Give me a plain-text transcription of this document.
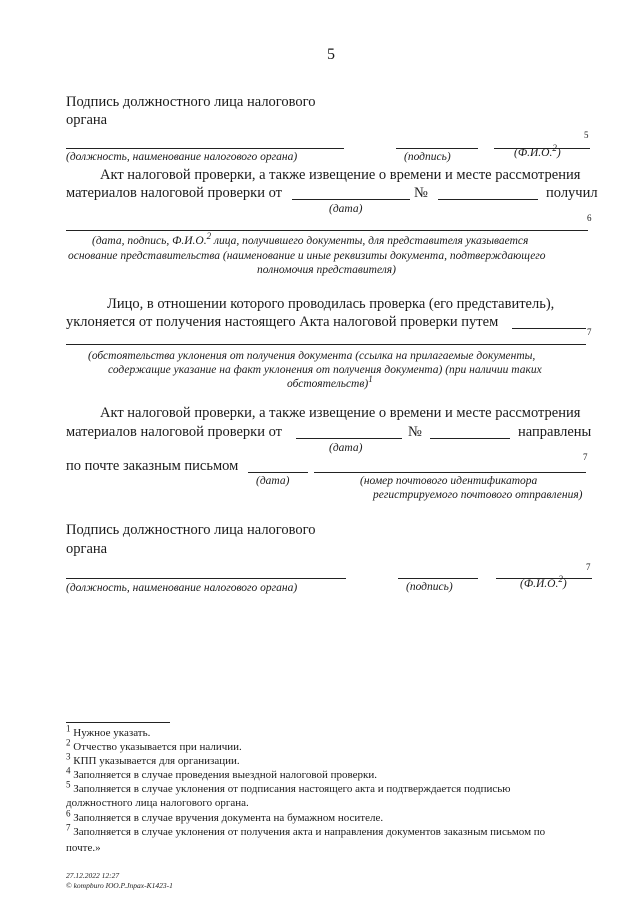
5
Подпись должностного лица налогового
органа
5
(должность, наименование налогового органа)	(подпись)	(Ф.И.О.$^2$)
Акт налоговой проверки, а также извещение о времени и месте рассмотрения
материалов налоговой проверки от	№	получил
(дата)
6
(дата, подпись, Ф.И.О.$^2$ лица, получившего документы, для представителя указывается
основание представительства (наименование и иные реквизиты документа, подтверждающего
полномочия представителя)
Лицо, в отношении которого проводилась проверка (его представитель),
уклоняется от получения настоящего Акта налоговой проверки путем
7
(обстоятельства уклонения от получения документа (ссылка на прилагаемые документы,
содержащие указание на факт уклонения от получения документа) (при наличии таких
обстоятельств)$^1$
Акт налоговой проверки, а также извещение о времени и месте рассмотрения
материалов налоговой проверки от	№	направлены
(дата)
по почте заказным письмом
7
(дата)	(номер почтового идентификатора
регистрируемого почтового отправления)
Подпись должностного лица налогового
органа
7
(должность, наименование налогового органа)	(подпись)	(Ф.И.О.$^2$)
$^1$ Нужное указать.
$^2$ Отчество указывается при наличии.
$^3$ КПП указывается для организации.
$^4$ Заполняется в случае проведения выездной налоговой проверки.
$^5$ Заполняется в случае уклонения от подписания настоящего акта и подтверждается подписью
должностного лица налогового органа.
$^6$ Заполняется в случае вручения документа на бумажном носителе.
$^7$ Заполняется в случае уклонения от получения акта и направления документов заказным письмом по
почте.»
27.12.2022 12:27
© kompburo ЮО.Р.Jnpax-K1423-1
